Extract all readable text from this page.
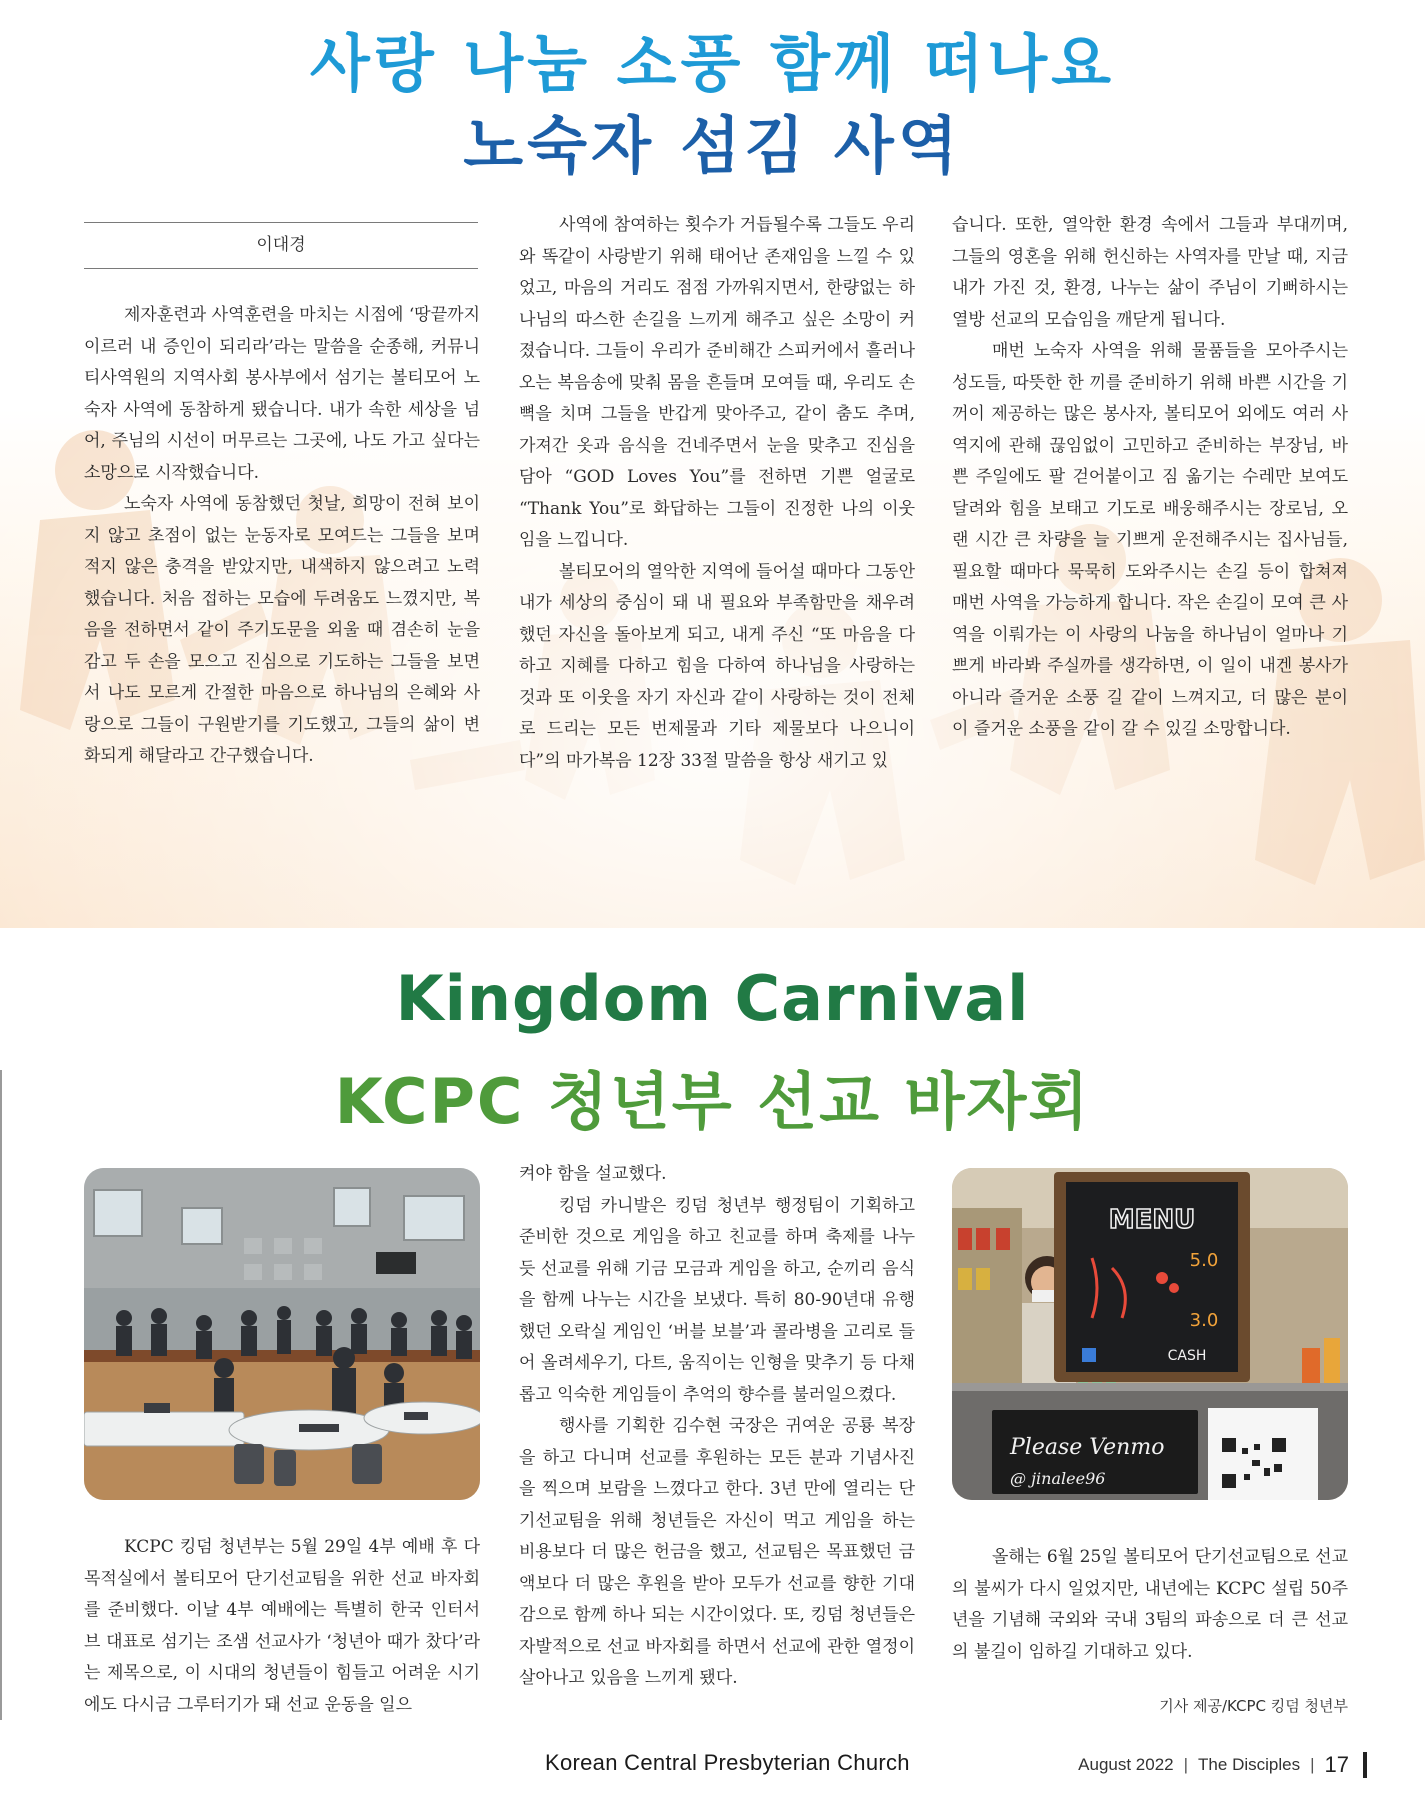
사랑 나눔 소풍 함께 떠나요
노숙자 섬김 사역
이대경

제자훈련과 사역훈련을 마치는 시점에 ‘땅끝까지 이르러 내 증인이 되리라’라는 말씀을 순종해, 커뮤니티사역원의 지역사회 봉사부에서 섬기는 볼티모어 노숙자 사역에 동참하게 됐습니다. 내가 속한 세상을 넘어, 주님의 시선이 머무르는 그곳에, 나도 가고 싶다는 소망으로 시작했습니다.

노숙자 사역에 동참했던 첫날, 희망이 전혀 보이지 않고 초점이 없는 눈동자로 모여드는 그들을 보며 적지 않은 충격을 받았지만, 내색하지 않으려고 노력했습니다. 처음 접하는 모습에 두려움도 느꼈지만, 복음을 전하면서 같이 주기도문을 외울 때 겸손히 눈을 감고 두 손을 모으고 진심으로 기도하는 그들을 보면서 나도 모르게 간절한 마음으로 하나님의 은혜와 사랑으로 그들이 구원받기를 기도했고, 그들의 삶이 변화되게 해달라고 간구했습니다.

사역에 참여하는 횟수가 거듭될수록 그들도 우리와 똑같이 사랑받기 위해 태어난 존재임을 느낄 수 있었고, 마음의 거리도 점점 가까워지면서, 한량없는 하나님의 따스한 손길을 느끼게 해주고 싶은 소망이 커졌습니다. 그들이 우리가 준비해간 스피커에서 흘러나오는 복음송에 맞춰 몸을 흔들며 모여들 때, 우리도 손뼉을 치며 그들을 반갑게 맞아주고, 같이 춤도 추며, 가져간 옷과 음식을 건네주면서 눈을 맞추고 진심을 담아 “GOD Loves You”를 전하면 기쁜 얼굴로 “Thank You”로 화답하는 그들이 진정한 나의 이웃임을 느낍니다.

볼티모어의 열악한 지역에 들어설 때마다 그동안 내가 세상의 중심이 돼 내 필요와 부족함만을 채우려 했던 자신을 돌아보게 되고, 내게 주신 “또 마음을 다하고 지혜를 다하고 힘을 다하여 하나님을 사랑하는 것과 또 이웃을 자기 자신과 같이 사랑하는 것이 전체로 드리는 모든 번제물과 기타 제물보다 나으니이다”의 마가복음 12장 33절 말씀을 항상 새기고 있

습니다. 또한, 열악한 환경 속에서 그들과 부대끼며, 그들의 영혼을 위해 헌신하는 사역자를 만날 때, 지금 내가 가진 것, 환경, 나누는 삶이 주님이 기뻐하시는 열방 선교의 모습임을 깨닫게 됩니다.

매번 노숙자 사역을 위해 물품들을 모아주시는 성도들, 따뜻한 한 끼를 준비하기 위해 바쁜 시간을 기꺼이 제공하는 많은 봉사자, 볼티모어 외에도 여러 사역지에 관해 끊임없이 고민하고 준비하는 부장님, 바쁜 주일에도 팔 걷어붙이고 짐 옮기는 수레만 보여도 달려와 힘을 보태고 기도로 배웅해주시는 장로님, 오랜 시간 큰 차량을 늘 기쁘게 운전해주시는 집사님들, 필요할 때마다 묵묵히 도와주시는 손길 등이 합쳐져 매번 사역을 가능하게 합니다. 작은 손길이 모여 큰 사역을 이뤄가는 이 사랑의 나눔을 하나님이 얼마나 기쁘게 바라봐 주실까를 생각하면, 이 일이 내겐 봉사가 아니라 즐거운 소풍 길 같이 느껴지고, 더 많은 분이 이 즐거운 소풍을 같이 갈 수 있길 소망합니다.

Kingdom Carnival
KCPC 청년부 선교 바자회
MENU
5.0
3.0
CASH
Please Venmo
@ jinalee96

KCPC 킹덤 청년부는 5월 29일 4부 예배 후 다목적실에서 볼티모어 단기선교팀을 위한 선교 바자회를 준비했다. 이날 4부 예배에는 특별히 한국 인터서브 대표로 섬기는 조샘 선교사가 ‘청년아 때가 찼다’라는 제목으로, 이 시대의 청년들이 힘들고 어려운 시기에도 다시금 그루터기가 돼 선교 운동을 일으

켜야 함을 설교했다.

킹덤 카니발은 킹덤 청년부 행정팀이 기획하고 준비한 것으로 게임을 하고 친교를 하며 축제를 나누듯 선교를 위해 기금 모금과 게임을 하고, 순끼리 음식을 함께 나누는 시간을 보냈다. 특히 80-90년대 유행했던 오락실 게임인 ‘버블 보블’과 콜라병을 고리로 들어 올려세우기, 다트, 움직이는 인형을 맞추기 등 다채롭고 익숙한 게임들이 추억의 향수를 불러일으켰다.

행사를 기획한 김수현 국장은 귀여운 공룡 복장을 하고 다니며 선교를 후원하는 모든 분과 기념사진을 찍으며 보람을 느꼈다고 한다. 3년 만에 열리는 단기선교팀을 위해 청년들은 자신이 먹고 게임을 하는 비용보다 더 많은 헌금을 했고, 선교팀은 목표했던 금액보다 더 많은 후원을 받아 모두가 선교를 향한 기대감으로 함께 하나 되는 시간이었다. 또, 킹덤 청년들은 자발적으로 선교 바자회를 하면서 선교에 관한 열정이 살아나고 있음을 느끼게 됐다.

올해는 6월 25일 볼티모어 단기선교팀으로 선교의 불씨가 다시 일었지만, 내년에는 KCPC 설립 50주년을 기념해 국외와 국내 3팀의 파송으로 더 큰 선교의 불길이 임하길 기대하고 있다.

기사 제공/KCPC 킹덤 청년부
Korean Central Presbyterian Church	August 2022 | The Disciples | 17
